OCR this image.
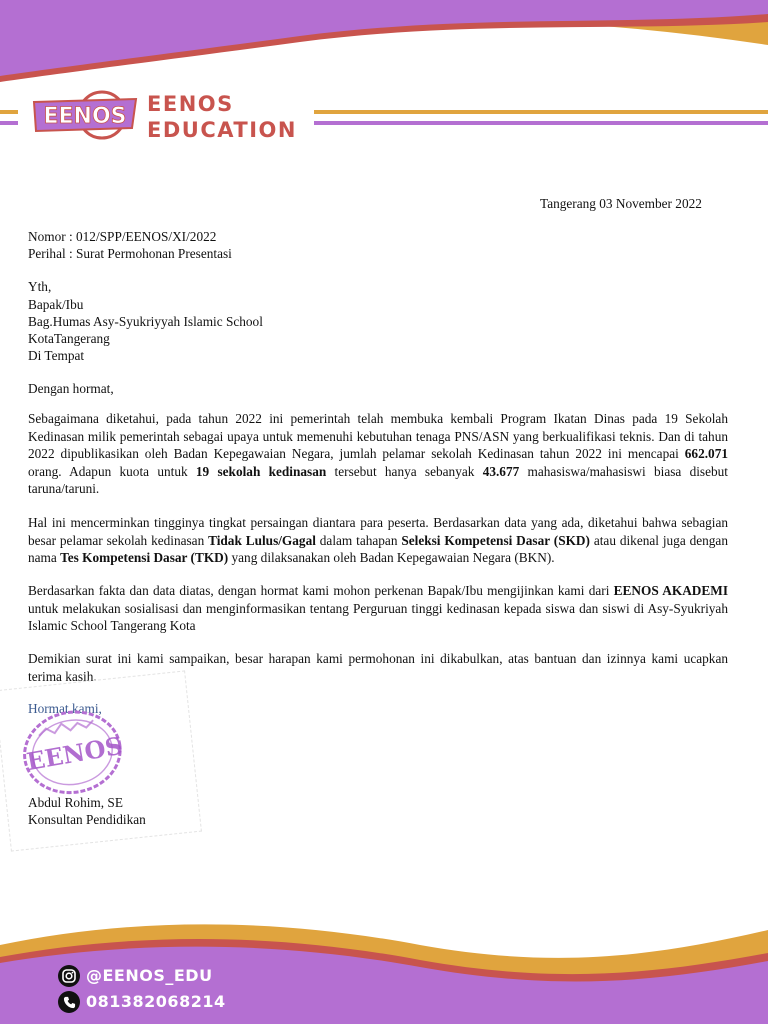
EENOS EENOS
EDUCATION
Tangerang 03 November 2022
Nomor : 012/SPP/EENOS/XI/2022
Perihal : Surat Permohonan Presentasi
Yth,
Bapak/Ibu
Bag.Humas Asy-Syukriyyah Islamic School
KotaTangerang
Di Tempat
Dengan hormat,
Sebagaimana diketahui, pada tahun 2022 ini pemerintah telah membuka kembali Program Ikatan Dinas pada 19 Sekolah Kedinasan milik pemerintah sebagai upaya untuk memenuhi kebutuhan tenaga PNS/ASN yang berkualifikasi teknis. Dan di tahun 2022 dipublikasikan oleh Badan Kepegawaian Negara, jumlah pelamar sekolah Kedinasan tahun 2022 ini mencapai 662.071 orang. Adapun kuota untuk 19 sekolah kedinasan tersebut hanya sebanyak 43.677 mahasiswa/mahasiswi biasa disebut taruna/taruni.
Hal ini mencerminkan tingginya tingkat persaingan diantara para peserta. Berdasarkan data yang ada, diketahui bahwa sebagian besar pelamar sekolah kedinasan Tidak Lulus/Gagal dalam tahapan Seleksi Kompetensi Dasar (SKD) atau dikenal juga dengan nama Tes Kompetensi Dasar (TKD) yang dilaksanakan oleh Badan Kepegawaian Negara (BKN).
Berdasarkan fakta dan data diatas, dengan hormat kami mohon perkenan Bapak/Ibu mengijinkan kami dari EENOS AKADEMI untuk melakukan sosialisasi dan menginformasikan tentang Perguruan tinggi kedinasan kepada siswa dan siswi di Asy-Syukriyah Islamic School Tangerang Kota
Demikian surat ini kami sampaikan, besar harapan kami permohonan ini dikabulkan, atas bantuan dan izinnya kami ucapkan terima kasih.
Hormat kami,
EENOS
Abdul Rohim, SE
Konsultan Pendidikan
@EENOS_EDU
081382068214
